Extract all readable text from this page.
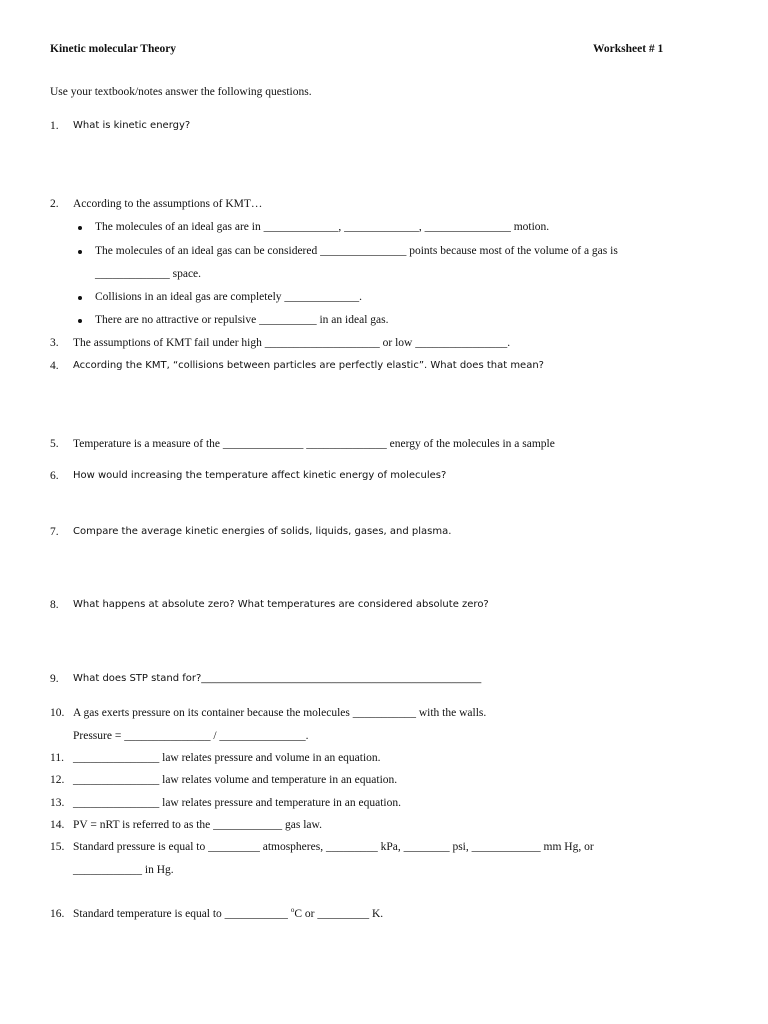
Kinetic molecular Theory	Worksheet # 1
Use your textbook/notes answer the following questions.
1. What is kinetic energy?
2. According to the assumptions of KMT…
The molecules of an ideal gas are in _____________, _____________, _______________ motion.
The molecules of an ideal gas can be considered _______________ points because most of the volume of a gas is
_____________ space.
Collisions in an ideal gas are completely _____________.
There are no attractive or repulsive __________ in an ideal gas.
3. The assumptions of KMT fail under high ____________________ or low ________________.
4. According the KMT, “collisions between particles are perfectly elastic”. What does that mean?
5. Temperature is a measure of the ______________ ______________ energy of the molecules in a sample
6. How would increasing the temperature affect kinetic energy of molecules?
7. Compare the average kinetic energies of solids, liquids, gases, and plasma.
8. What happens at absolute zero? What temperatures are considered absolute zero?
9. What does STP stand for?________________________________________________________
10. A gas exerts pressure on its container because the molecules ___________ with the walls.
Pressure = _______________ / _______________.
11. _______________ law relates pressure and volume in an equation.
12. _______________ law relates volume and temperature in an equation.
13. _______________ law relates pressure and temperature in an equation.
14. PV = nRT is referred to as the ____________ gas law.
15. Standard pressure is equal to _________ atmospheres, _________ kPa, ________ psi, ____________ mm Hg, or
____________ in Hg.
16. Standard temperature is equal to ___________ $^o$C or _________ K.
